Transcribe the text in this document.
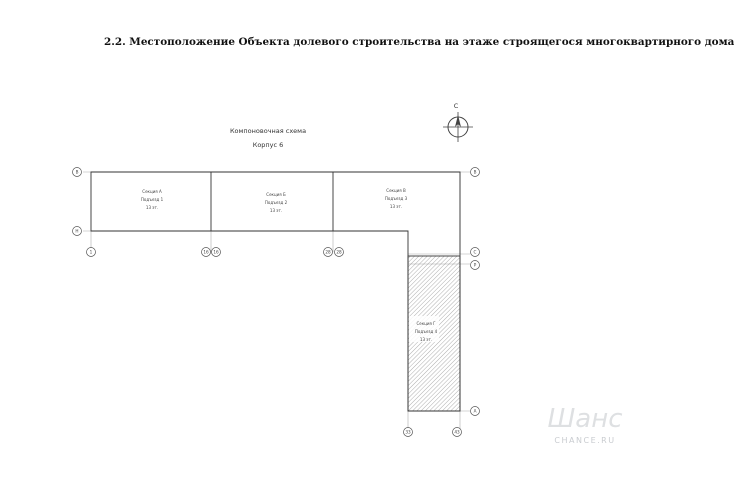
2.2. Местоположение Объекта долевого строительства на этаже строящегося многоквартирного дома
Компоновочная схема
Корпус 6
С
Секция А
Подъезд 1
13 эт.
Секция Б
Подъезд 2
13 эт.
Секция В
Подъезд 3
13 эт.
Секция Г
Подъезд 4
13 эт.
В
Н
В
С
Р
А
1	16 16	28 28
33	43	Шанс
CHANCE.RU
